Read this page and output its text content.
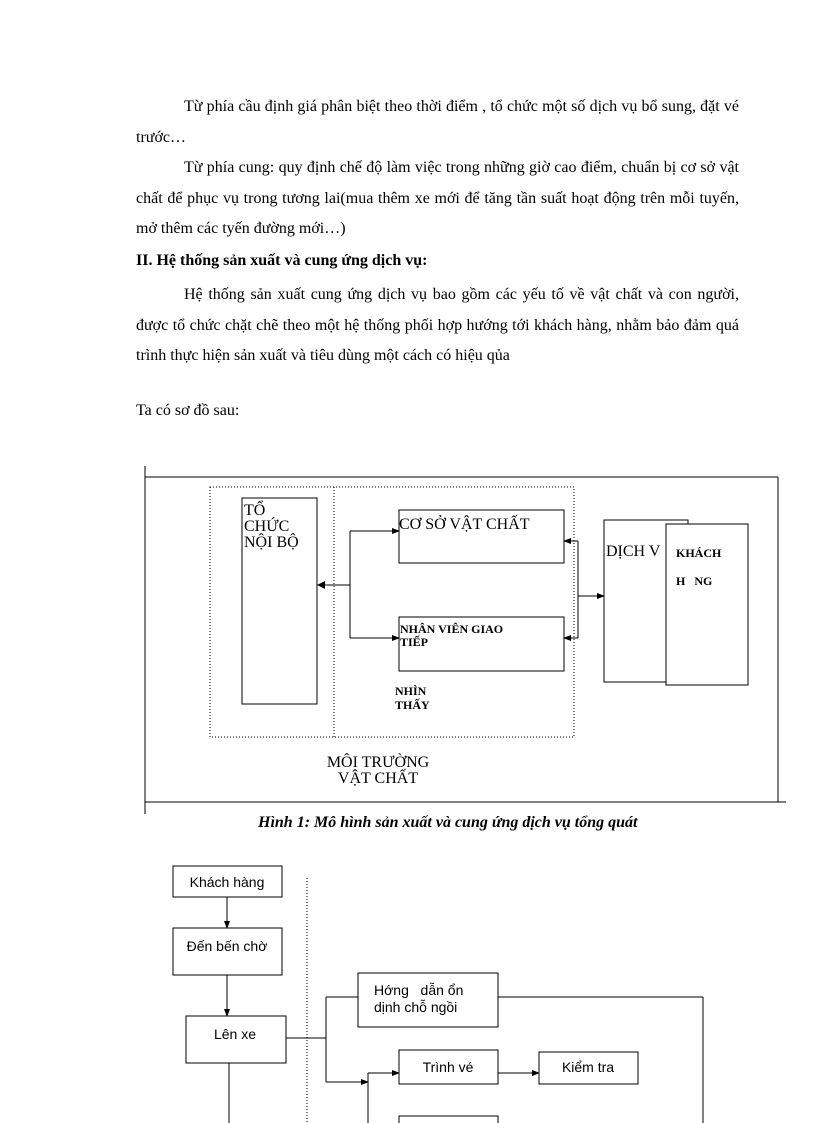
Từ phía cầu định giá phân biệt theo thời điểm , tổ chức một số dịch vụ bổ sung, đặt vé trước…

Từ phía cung: quy định chế độ làm việc trong những giờ cao điểm, chuẩn bị cơ sở vật chất để phục vụ trong tương lai(mua thêm xe mới để tăng tần suất hoạt động trên mỗi tuyến, mở thêm các tyến đường mới…)

II. Hệ thống sản xuất và cung ứng dịch vụ:

Hệ thống sản xuất cung ứng dịch vụ bao gồm các yếu tố về vật chất và con người, được tổ chức chặt chẽ theo một hệ thống phối hợp hướng tới khách hàng, nhằm bảo đảm quá trình thực hiện sản xuất và tiêu dùng một cách có hiệu qủa

Ta có sơ đồ sau:

TỔ
CHỨC
NỘI BỘ
CƠ SỞ VẬT CHẤT
NHÂN VIÊN GIAO
TIẾP
NHÌN
THẤY
DỊCH V KHÁCH
H   NG
MÔI TRƯỜNG
VẬT CHẤT
Khách hàng
Đến bến chờ
Lên xe
Hớng   dẫn ổn
dịnh chỗ ngồi
Trình vé	Kiểm tra

Hình 1: Mô hình sản xuất và cung ứng dịch vụ tổng quát
